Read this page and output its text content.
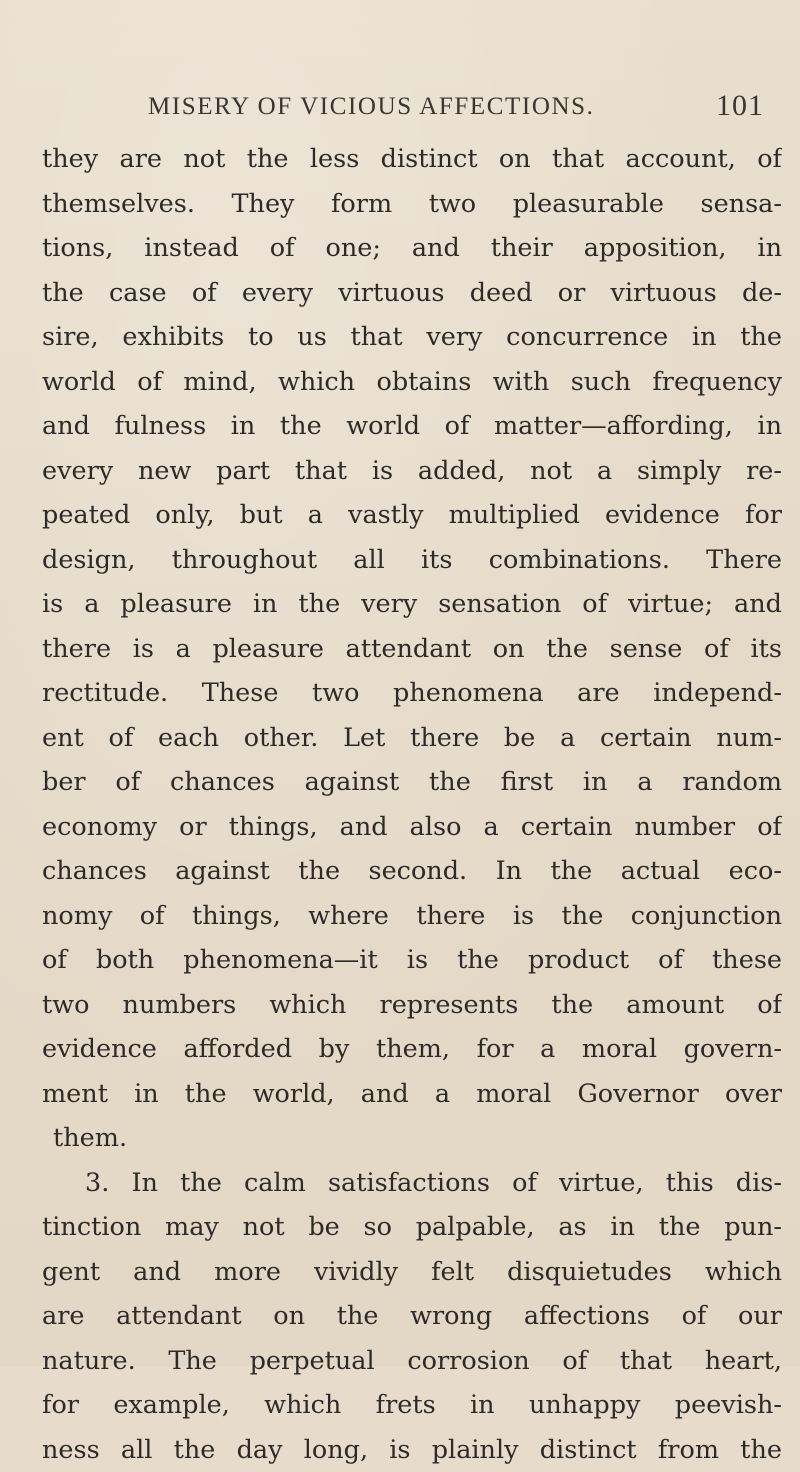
MISERY OF VICIOUS AFFECTIONS.	101
they are not the less distinct on that account, of
themselves. They form two pleasurable sensa-
tions, instead of one; and their apposition, in
the case of every virtuous deed or virtuous de-
sire, exhibits to us that very concurrence in the
world of mind, which obtains with such frequency
and fulness in the world of matter—affording, in
every new part that is added, not a simply re-
peated only, but a vastly multiplied evidence for
design, throughout all its combinations. There
is a pleasure in the very sensation of virtue; and
there is a pleasure attendant on the sense of its
rectitude. These two phenomena are independ-
ent of each other. Let there be a certain num-
ber of chances against the first in a random
economy or things, and also a certain number of
chances against the second. In the actual eco-
nomy of things, where there is the conjunction
of both phenomena—it is the product of these
two numbers which represents the amount of
evidence afforded by them, for a moral govern-
ment in the world, and a moral Governor over
them.
3. In the calm satisfactions of virtue, this dis-
tinction may not be so palpable, as in the pun-
gent and more vividly felt disquietudes which
are attendant on the wrong affections of our
nature. The perpetual corrosion of that heart,
for example, which frets in unhappy peevish-
ness all the day long, is plainly distinct from the
